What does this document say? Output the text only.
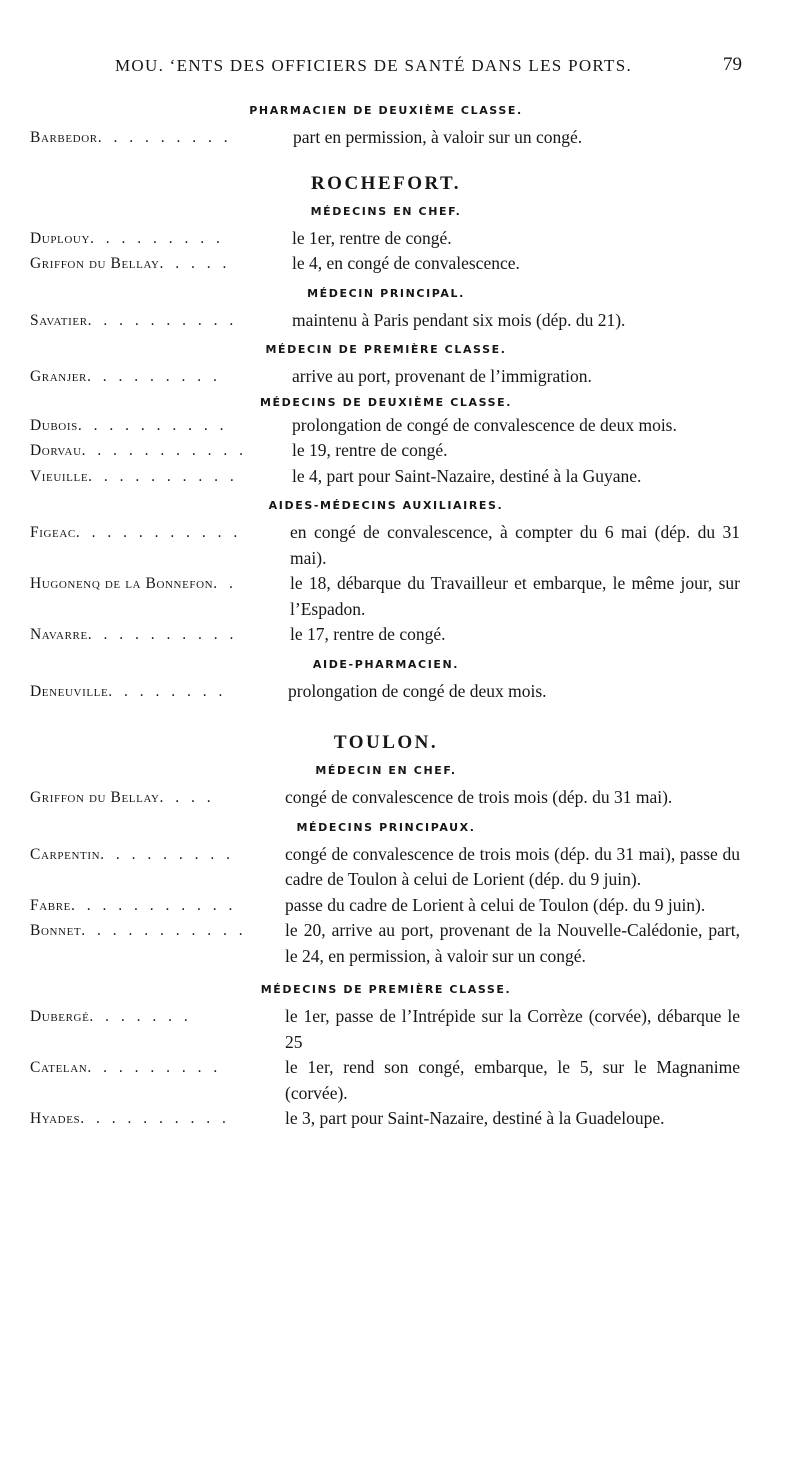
MOU. ‘ENTS DES OFFICIERS DE SANTÉ DANS LES PORTS.	79
PHARMACIEN DE DEUXIÈME CLASSE.
Barbedor. . . . . . . . .	part en permission, à valoir sur un congé.
ROCHEFORT.
MÉDECINS EN CHEF.
Duplouy. . . . . . . . .	le 1er, rentre de congé.
Griffon du Bellay. . . . .	le 4, en congé de convalescence.
MÉDECIN PRINCIPAL.
Savatier. . . . . . . . . .	maintenu à Paris pendant six mois (dép. du 21).
MÉDECIN DE PREMIÈRE CLASSE.
Granjer. . . . . . . . .	arrive au port, provenant de l’immigration.
MÉDECINS DE DEUXIÈME CLASSE.
Dubois. . . . . . . . . .	prolongation de congé de convalescence de deux mois.
Dorvau. . . . . . . . . . .	le 19, rentre de congé.
Vieuille. . . . . . . . . .	le 4, part pour Saint-Nazaire, destiné à la Guyane.
AIDES-MÉDECINS AUXILIAIRES.
Figeac. . . . . . . . . . .	en congé de convalescence, à compter du 6 mai (dép. du 31 mai).
Hugonenq de la Bonnefon. .	le 18, débarque du Travailleur et embarque, le même jour, sur l’Espadon.
Navarre. . . . . . . . . .	le 17, rentre de congé.
AIDE-PHARMACIEN.
Deneuville. . . . . . . .	prolongation de congé de deux mois.
TOULON.
MÉDECIN EN CHEF.
Griffon du Bellay. . . .	congé de convalescence de trois mois (dép. du 31 mai).
MÉDECINS PRINCIPAUX.
Carpentin. . . . . . . . .	congé de convalescence de trois mois (dép. du 31 mai), passe du cadre de Toulon à celui de Lorient (dép. du 9 juin).
Fabre. . . . . . . . . . .	passe du cadre de Lorient à celui de Toulon (dép. du 9 juin).
Bonnet. . . . . . . . . . .	le 20, arrive au port, provenant de la Nouvelle-Calédonie, part, le 24, en permission, à valoir sur un congé.
MÉDECINS DE PREMIÈRE CLASSE.
Dubergé. . . . . . .	le 1er, passe de l’Intrépide sur la Corrèze (corvée), débarque le 25
Catelan. . . . . . . . .	le 1er, rend son congé, embarque, le 5, sur le Magnanime (corvée).
Hyades. . . . . . . . . .	le 3, part pour Saint-Nazaire, destiné à la Guadeloupe.
